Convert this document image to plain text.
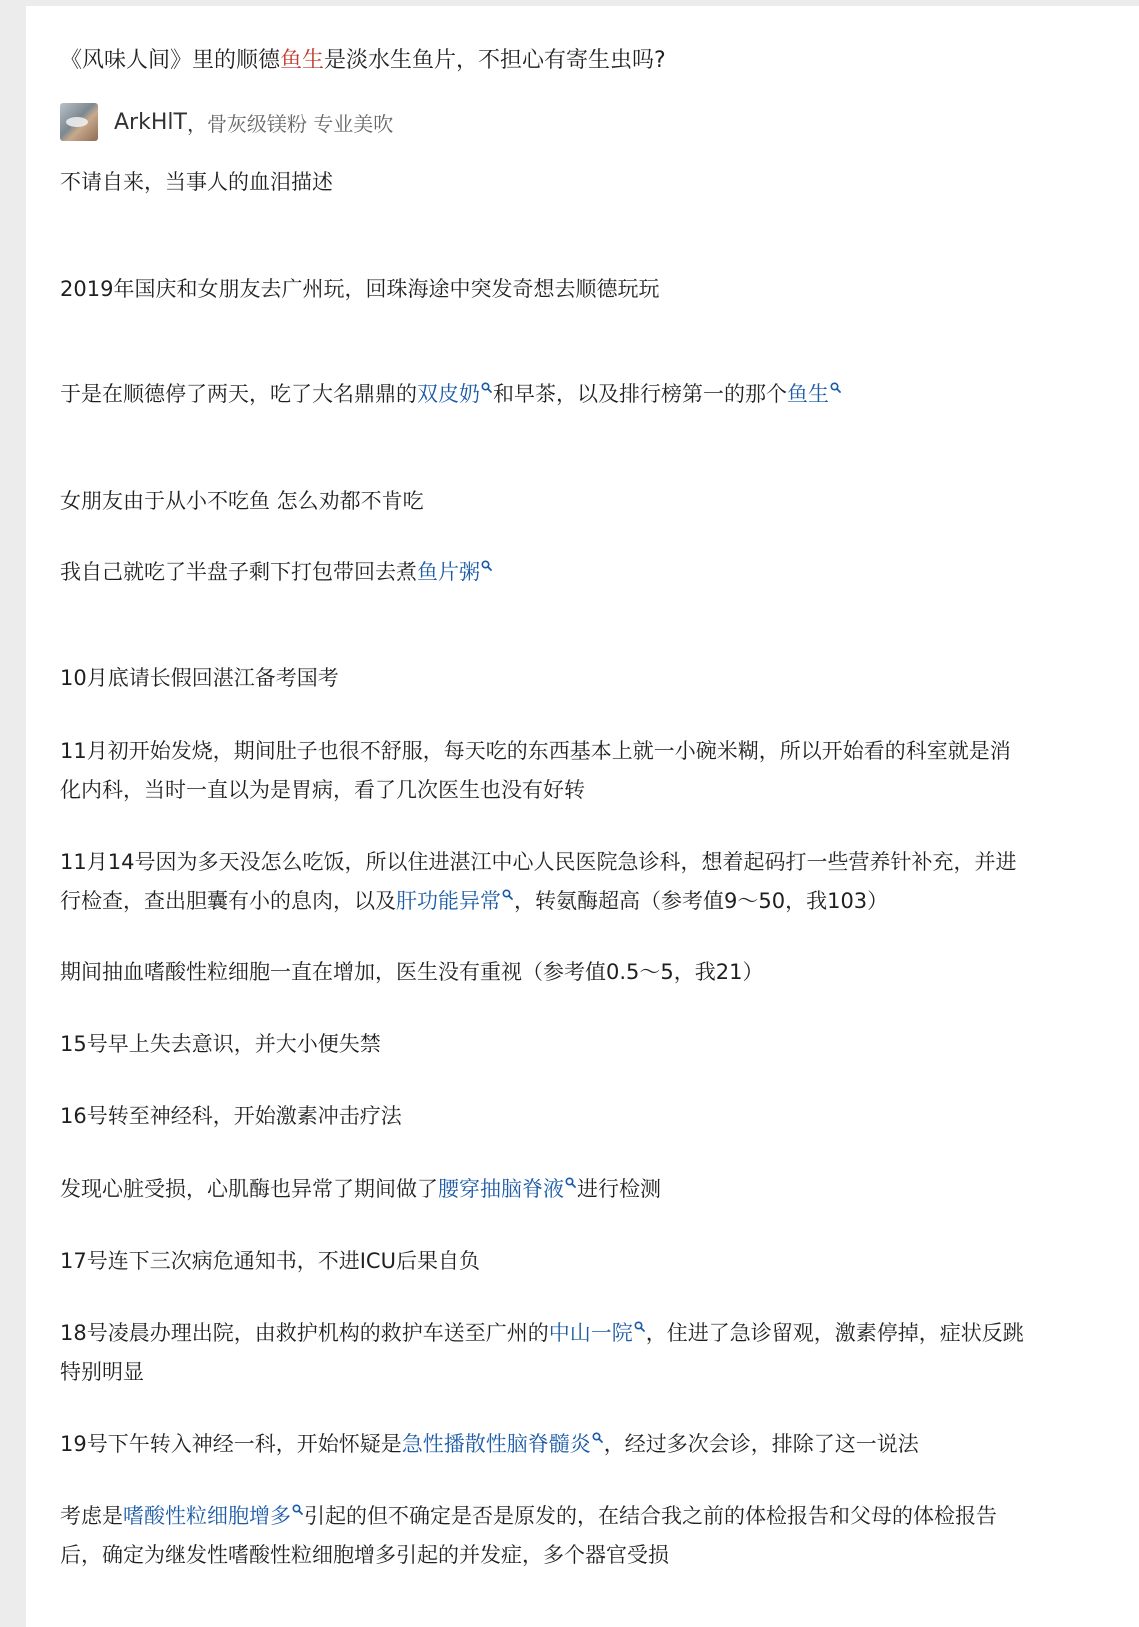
《风味人间》里的顺德鱼生是淡水生鱼片，不担心有寄生虫吗?
ArkHlT ， 骨灰级镁粉 专业美吹
不请自来，当事人的血泪描述
2019年国庆和女朋友去广州玩，回珠海途中突发奇想去顺德玩玩
于是在顺德停了两天，吃了大名鼎鼎的双皮奶 和早茶，以及排行榜第一的那个鱼生
女朋友由于从小不吃鱼 怎么劝都不肯吃
我自己就吃了半盘子剩下打包带回去煮鱼片粥
10月底请长假回湛江备考国考
11月初开始发烧，期间肚子也很不舒服，每天吃的东西基本上就一小碗米糊，所以开始看的科室就是消
化内科，当时一直以为是胃病，看了几次医生也没有好转
11月14号因为多天没怎么吃饭，所以住进湛江中心人民医院急诊科，想着起码打一些营养针补充，并进
行检查，查出胆囊有小的息肉，以及肝功能异常 ，转氨酶超高（参考值9～50，我103）
期间抽血嗜酸性粒细胞一直在增加，医生没有重视（参考值0.5～5，我21）
15号早上失去意识，并大小便失禁
16号转至神经科，开始激素冲击疗法
发现心脏受损，心肌酶也异常了期间做了腰穿抽脑脊液 进行检测
17号连下三次病危通知书，不进ICU后果自负
18号凌晨办理出院，由救护机构的救护车送至广州的中山一院 ，住进了急诊留观，激素停掉，症状反跳
特别明显
19号下午转入神经一科，开始怀疑是急性播散性脑脊髓炎 ，经过多次会诊，排除了这一说法
考虑是嗜酸性粒细胞增多 引起的但不确定是否是原发的，在结合我之前的体检报告和父母的体检报告
后，确定为继发性嗜酸性粒细胞增多引起的并发症，多个器官受损
